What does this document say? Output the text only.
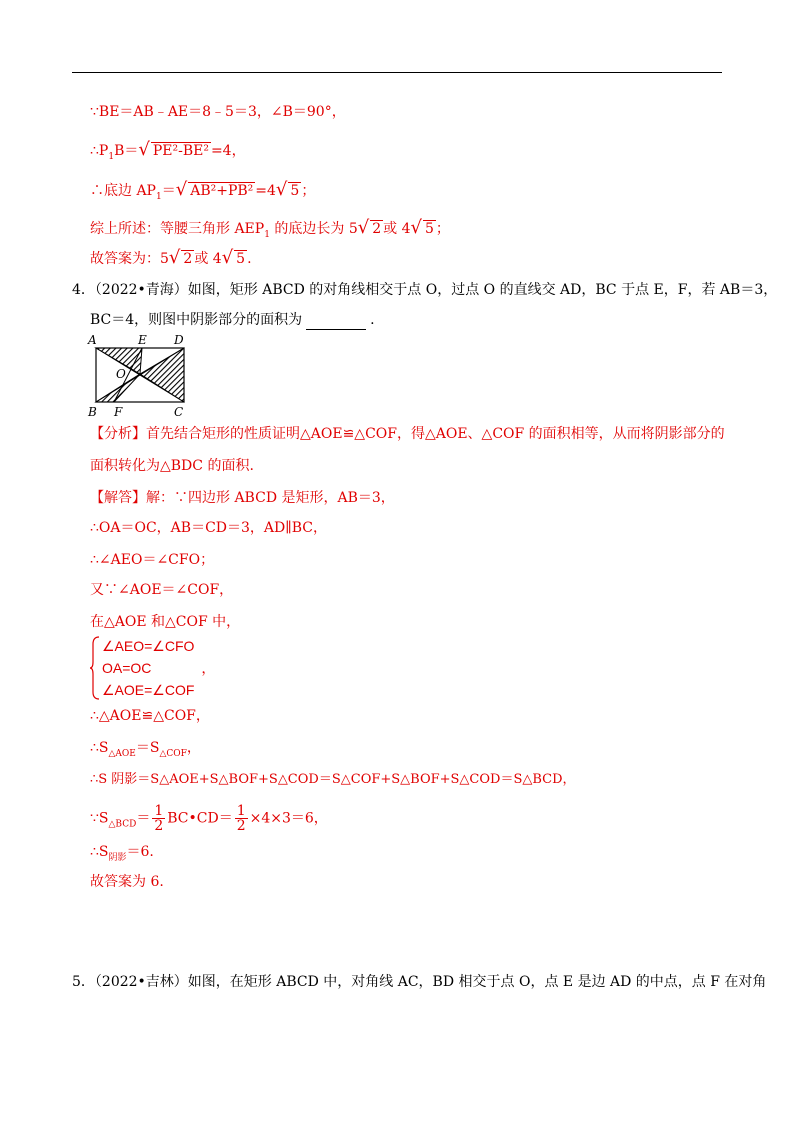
∵BE＝AB﹣AE＝8﹣5＝3，∠B＝90°，
$\therefore P_1B=√$ PE²-BE² =4，
∴底边 $AP_1=√$ AB²+PB² =4√ 5 ；
综上所述：等腰三角形 $AEP_1$ 的底边长为 5√ 2 或 4√ 5 ；
故答案为：5√ 2 或 4√ 5 .
4．（2022•青海）如图，矩形 ABCD 的对角线相交于点 O，过点 O 的直线交 AD，BC 于点 E，F，若 AB＝3，
BC＝4，则图中阴影部分的面积为	.
A	E D
O
B F	C
【分析】首先结合矩形的性质证明△AOE≌△COF，得△AOE、△COF 的面积相等，从而将阴影部分的
面积转化为△BDC 的面积.
【解答】解：∵四边形 ABCD 是矩形，AB＝3，
∴OA＝OC，AB＝CD＝3，AD∥BC，
∴∠AEO＝∠CFO；
又∵∠AOE＝∠COF，
在△AOE 和△COF 中，
∠AEO=∠CFO
OA=OC	，
∠AOE=∠COF
∴△AOE≌△COF，
$\therefore S_{\triangle AOE}=S_{\triangle COF}$，
∴S 阴影＝S△AOE+S△BOF+S△COD＝S△COF+S△BOF+S△COD＝S△BCD，
$\because S_{\triangle BCD}= \frac{1}{2}$ BC•CD＝ $\frac{1}{2} \times 4\times 3=6$，
$\therefore S_{阴影}=6$.
故答案为 6.
5．（2022•吉林）如图，在矩形 ABCD 中，对角线 AC，BD 相交于点 O，点 E 是边 AD 的中点，点 F 在对角
